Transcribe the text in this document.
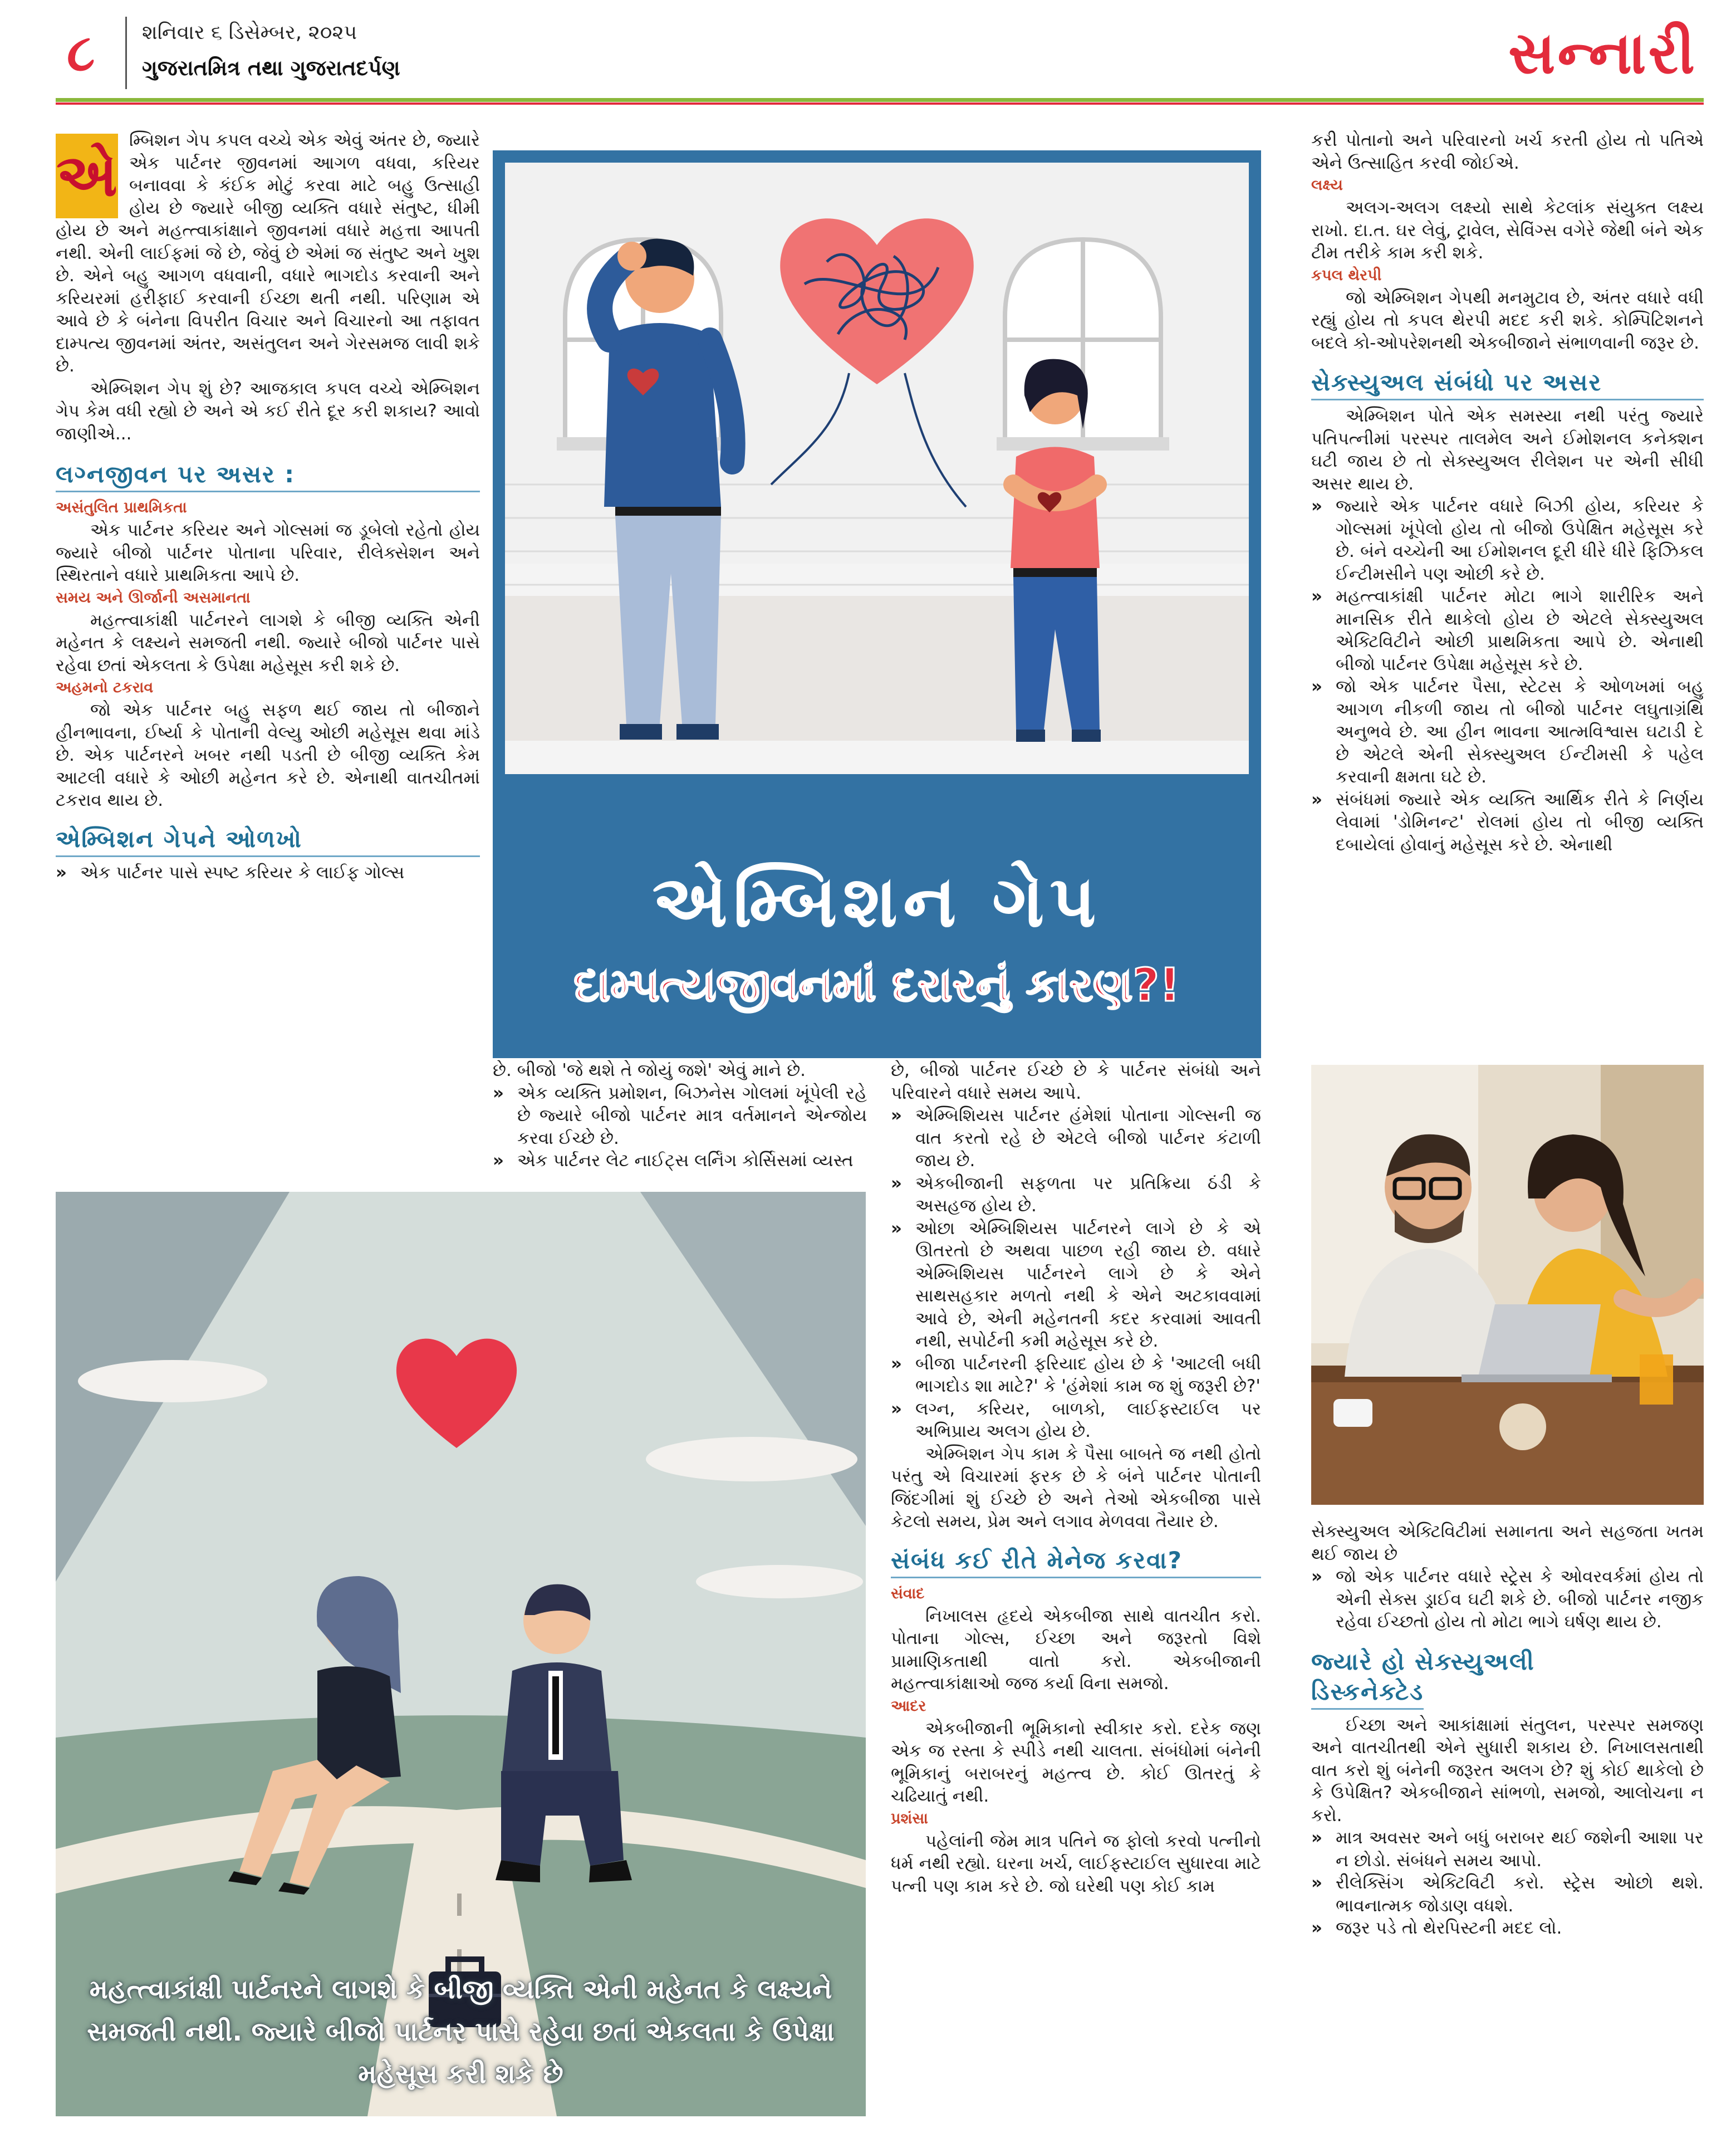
૮ શનિવાર ૬ ડિસેમ્બર, ૨૦૨૫
ગુજરાતમિત્ર તથા ગુજરાતદર્પણ	સન્નારી
એ

મ્બિશન ગેપ કપલ વચ્ચે એક એવું અંતર છે, જ્યારે એક પાર્ટનર જીવનમાં આગળ વધવા, કરિયર બનાવવા કે કંઈક મોટું કરવા માટે બહુ ઉત્સાહી હોય છે જ્યારે બીજી વ્યક્તિ વધારે સંતુષ્ટ, ધીમી હોય છે અને મહત્ત્વાકાંક્ષાને જીવનમાં વધારે મહત્તા આપતી નથી. એની લાઈફમાં જે છે, જેવું છે એમાં જ સંતુષ્ટ અને ખુશ છે. એને બહુ આગળ વધવાની, વધારે ભાગદોડ કરવાની અને કરિયરમાં હરીફાઈ કરવાની ઈચ્છા થતી નથી. પરિણામ એ આવે છે કે બંનેના વિપરીત વિચાર અને વિચારનો આ તફાવત દામ્પત્ય જીવનમાં અંતર, અસંતુલન અને ગેરસમજ લાવી શકે છે.

એમ્બિશન ગેપ શું છે? આજકાલ કપલ વચ્ચે એમ્બિશન ગેપ કેમ વધી રહ્યો છે અને એ કઈ રીતે દૂર કરી શકાય? આવો જાણીએ...

લગ્નજીવન પર અસર :

અસંતુલિત પ્રાથમિકતા

એક પાર્ટનર કરિયર અને ગોલ્સમાં જ ડૂબેલો રહેતો હોય જ્યારે બીજો પાર્ટનર પોતાના પરિવાર, રીલેક્સેશન અને સ્થિરતાને વધારે પ્રાથમિકતા આપે છે.

સમય અને ઊર્જાની અસમાનતા

મહત્ત્વાકાંક્ષી પાર્ટનરને લાગશે કે બીજી વ્યક્તિ એની મહેનત કે લક્ષ્યને સમજતી નથી. જ્યારે બીજો પાર્ટનર પાસે રહેવા છતાં એકલતા કે ઉપેક્ષા મહેસૂસ કરી શકે છે.

અહમનો ટકરાવ

જો એક પાર્ટનર બહુ સફળ થઈ જાય તો બીજાને હીનભાવના, ઈર્ષ્યા કે પોતાની વેલ્યુ ઓછી મહેસૂસ થવા માંડે છે. એક પાર્ટનરને ખબર નથી પડતી છે બીજી વ્યક્તિ કેમ આટલી વધારે કે ઓછી મહેનત કરે છે. એનાથી વાતચીતમાં ટકરાવ થાય છે.

એમ્બિશન ગેપને ઓળખો

» એક પાર્ટનર પાસે સ્પષ્ટ કરિયર કે લાઈફ ગોલ્સ	એમ્બિશન ગેપ
દામ્પત્યજીવનમાં દરારનું કારણ?!

છે. બીજો 'જે થશે તે જોયું જશે' એવું માને છે.

» એક વ્યક્તિ પ્રમોશન, બિઝનેસ ગોલમાં ખૂંપેલી રહે છે જ્યારે બીજો પાર્ટનર માત્ર વર્તમાનને એન્જોય કરવા ઈચ્છે છે.

» એક પાર્ટનર લેટ નાઈટ્સ લર્નિંગ કોર્સિસમાં વ્યસ્ત

છે, બીજો પાર્ટનર ઈચ્છે છે કે પાર્ટનર સંબંધો અને પરિવારને વધારે સમય આપે.

» એમ્બિશિયસ પાર્ટનર હંમેશાં પોતાના ગોલ્સની જ વાત કરતો રહે છે એટલે બીજો પાર્ટનર કંટાળી જાય છે.

» એકબીજાની સફળતા પર પ્રતિક્રિયા ઠંડી કે અસહજ હોય છે.

» ઓછા એમ્બિશિયસ પાર્ટનરને લાગે છે કે એ ઊતરતો છે અથવા પાછળ રહી જાય છે. વધારે એમ્બિશિયસ પાર્ટનરને લાગે છે કે એને સાથસહકાર મળતો નથી કે એને અટકાવવામાં આવે છે, એની મહેનતની કદર કરવામાં આવતી નથી, સપોર્ટની કમી મહેસૂસ કરે છે.

» બીજા પાર્ટનરની ફરિયાદ હોય છે કે 'આટલી બધી ભાગદોડ શા માટે?' કે 'હંમેશાં કામ જ શું જરૂરી છે?'

» લગ્ન, કરિયર, બાળકો, લાઈફસ્ટાઈલ પર અભિપ્રાય અલગ હોય છે.

એમ્બિશન ગેપ કામ કે પૈસા બાબતે જ નથી હોતો પરંતુ એ વિચારમાં ફરક છે કે બંને પાર્ટનર પોતાની જિંદગીમાં શું ઈચ્છે છે અને તેઓ એકબીજા પાસે કેટલો સમય, પ્રેમ અને લગાવ મેળવવા તૈયાર છે.

સંબંધ કઈ રીતે મેનેજ કરવા?

સંવાદ

નિખાલસ હૃદયે એકબીજા સાથે વાતચીત કરો. પોતાના ગોલ્સ, ઈચ્છા અને જરૂરતો વિશે પ્રામાણિકતાથી વાતો કરો. એકબીજાની મહત્ત્વાકાંક્ષાઓ જજ કર્યા વિના સમજો.

આદર

એકબીજાની ભૂમિકાનો સ્વીકાર કરો. દરેક જણ એક જ રસ્તા કે સ્પીડે નથી ચાલતા. સંબંધોમાં બંનેની ભૂમિકાનું બરાબરનું મહત્ત્વ છે. કોઈ ઊતરતું કે ચઢિયાતું નથી.

પ્રશંસા

પહેલાંની જેમ માત્ર પતિને જ ફોલો કરવો પત્નીનો ધર્મ નથી રહ્યો. ઘરના ખર્ચ, લાઈફસ્ટાઈલ સુધારવા માટે પત્ની પણ કામ કરે છે. જો ઘરેથી પણ કોઈ કામ

મહત્ત્વાકાંક્ષી પાર્ટનરને લાગશે કે બીજી વ્યક્તિ એની મહેનત કે લક્ષ્યને સમજતી નથી. જ્યારે બીજો પાર્ટનર પાસે રહેવા છતાં એકલતા કે ઉપેક્ષા મહેસૂસ કરી શકે છે

કરી પોતાનો અને પરિવારનો ખર્ચ કરતી હોય તો પતિએ એને ઉત્સાહિત કરવી જોઈએ.

લક્ષ્ય

અલગ-અલગ લક્ષ્યો સાથે કેટલાંક સંયુક્ત લક્ષ્ય રાખો. દા.ત. ઘર લેવું, ટ્રાવેલ, સેવિંગ્સ વગેરે જેથી બંને એક ટીમ તરીકે કામ કરી શકે.

કપલ થેરપી

જો એમ્બિશન ગેપથી મનમુટાવ છે, અંતર વધારે વધી રહ્યું હોય તો કપલ થેરપી મદદ કરી શકે. કોમ્પિટિશનને બદલે કો-ઓપરેશનથી એકબીજાને સંભાળવાની જરૂર છે.

સેક્સ્યુઅલ સંબંધો પર અસર

એમ્બિશન પોતે એક સમસ્યા નથી પરંતુ જ્યારે પતિપત્નીમાં પરસ્પર તાલમેલ અને ઈમોશનલ કનેક્શન ઘટી જાય છે તો સેક્સ્યુઅલ રીલેશન પર એની સીધી અસર થાય છે.

» જ્યારે એક પાર્ટનર વધારે બિઝી હોય, કરિયર કે ગોલ્સમાં ખૂંપેલો હોય તો બીજો ઉપેક્ષિત મહેસૂસ કરે છે. બંને વચ્ચેની આ ઈમોશનલ દૂરી ધીરે ધીરે ફિઝિકલ ઈન્ટીમસીને પણ ઓછી કરે છે.

» મહત્ત્વાકાંક્ષી પાર્ટનર મોટા ભાગે શારીરિક અને માનસિક રીતે થાકેલો હોય છે એટલે સેક્સ્યુઅલ એક્ટિવિટીને ઓછી પ્રાથમિકતા આપે છે. એનાથી બીજો પાર્ટનર ઉપેક્ષા મહેસૂસ કરે છે.

» જો એક પાર્ટનર પૈસા, સ્ટેટસ કે ઓળખમાં બહુ આગળ નીકળી જાય તો બીજો પાર્ટનર લઘુતાગ્રંથિ અનુભવે છે. આ હીન ભાવના આત્મવિશ્વાસ ઘટાડી દે છે એટલે એની સેક્સ્યુઅલ ઈન્ટીમસી કે પહેલ કરવાની ક્ષમતા ઘટે છે.

» સંબંધમાં જ્યારે એક વ્યક્તિ આર્થિક રીતે કે નિર્ણય લેવામાં 'ડોમિનન્ટ' રોલમાં હોય તો બીજી વ્યક્તિ દબાયેલાં હોવાનું મહેસૂસ કરે છે. એનાથી

સેક્સ્યુઅલ એક્ટિવિટીમાં સમાનતા અને સહજતા ખતમ થઈ જાય છે

» જો એક પાર્ટનર વધારે સ્ટ્રેસ કે ઓવરવર્કમાં હોય તો એની સેક્સ ડ્રાઈવ ઘટી શકે છે. બીજો પાર્ટનર નજીક રહેવા ઈચ્છતો હોય તો મોટા ભાગે ઘર્ષણ થાય છે.

જ્યારે હો સેક્સ્યુઅલી
ડિસ્કનેક્ટેડ

ઈચ્છા અને આકાંક્ષામાં સંતુલન, પરસ્પર સમજણ અને વાતચીતથી એને સુધારી શકાય છે. નિખાલસતાથી વાત કરો શું બંનેની જરૂરત અલગ છે? શું કોઈ થાકેલો છે કે ઉપેક્ષિત? એકબીજાને સાંભળો, સમજો, આલોચના ન કરો.

» માત્ર અવસર અને બધું બરાબર થઈ જશેની આશા પર ન છોડો. સંબંધને સમય આપો.

» રીલેક્સિંગ એક્ટિવિટી કરો. સ્ટ્રેસ ઓછો થશે. ભાવનાત્મક જોડાણ વધશે.

» જરૂર પડે તો થેરપિસ્ટની મદદ લો.
